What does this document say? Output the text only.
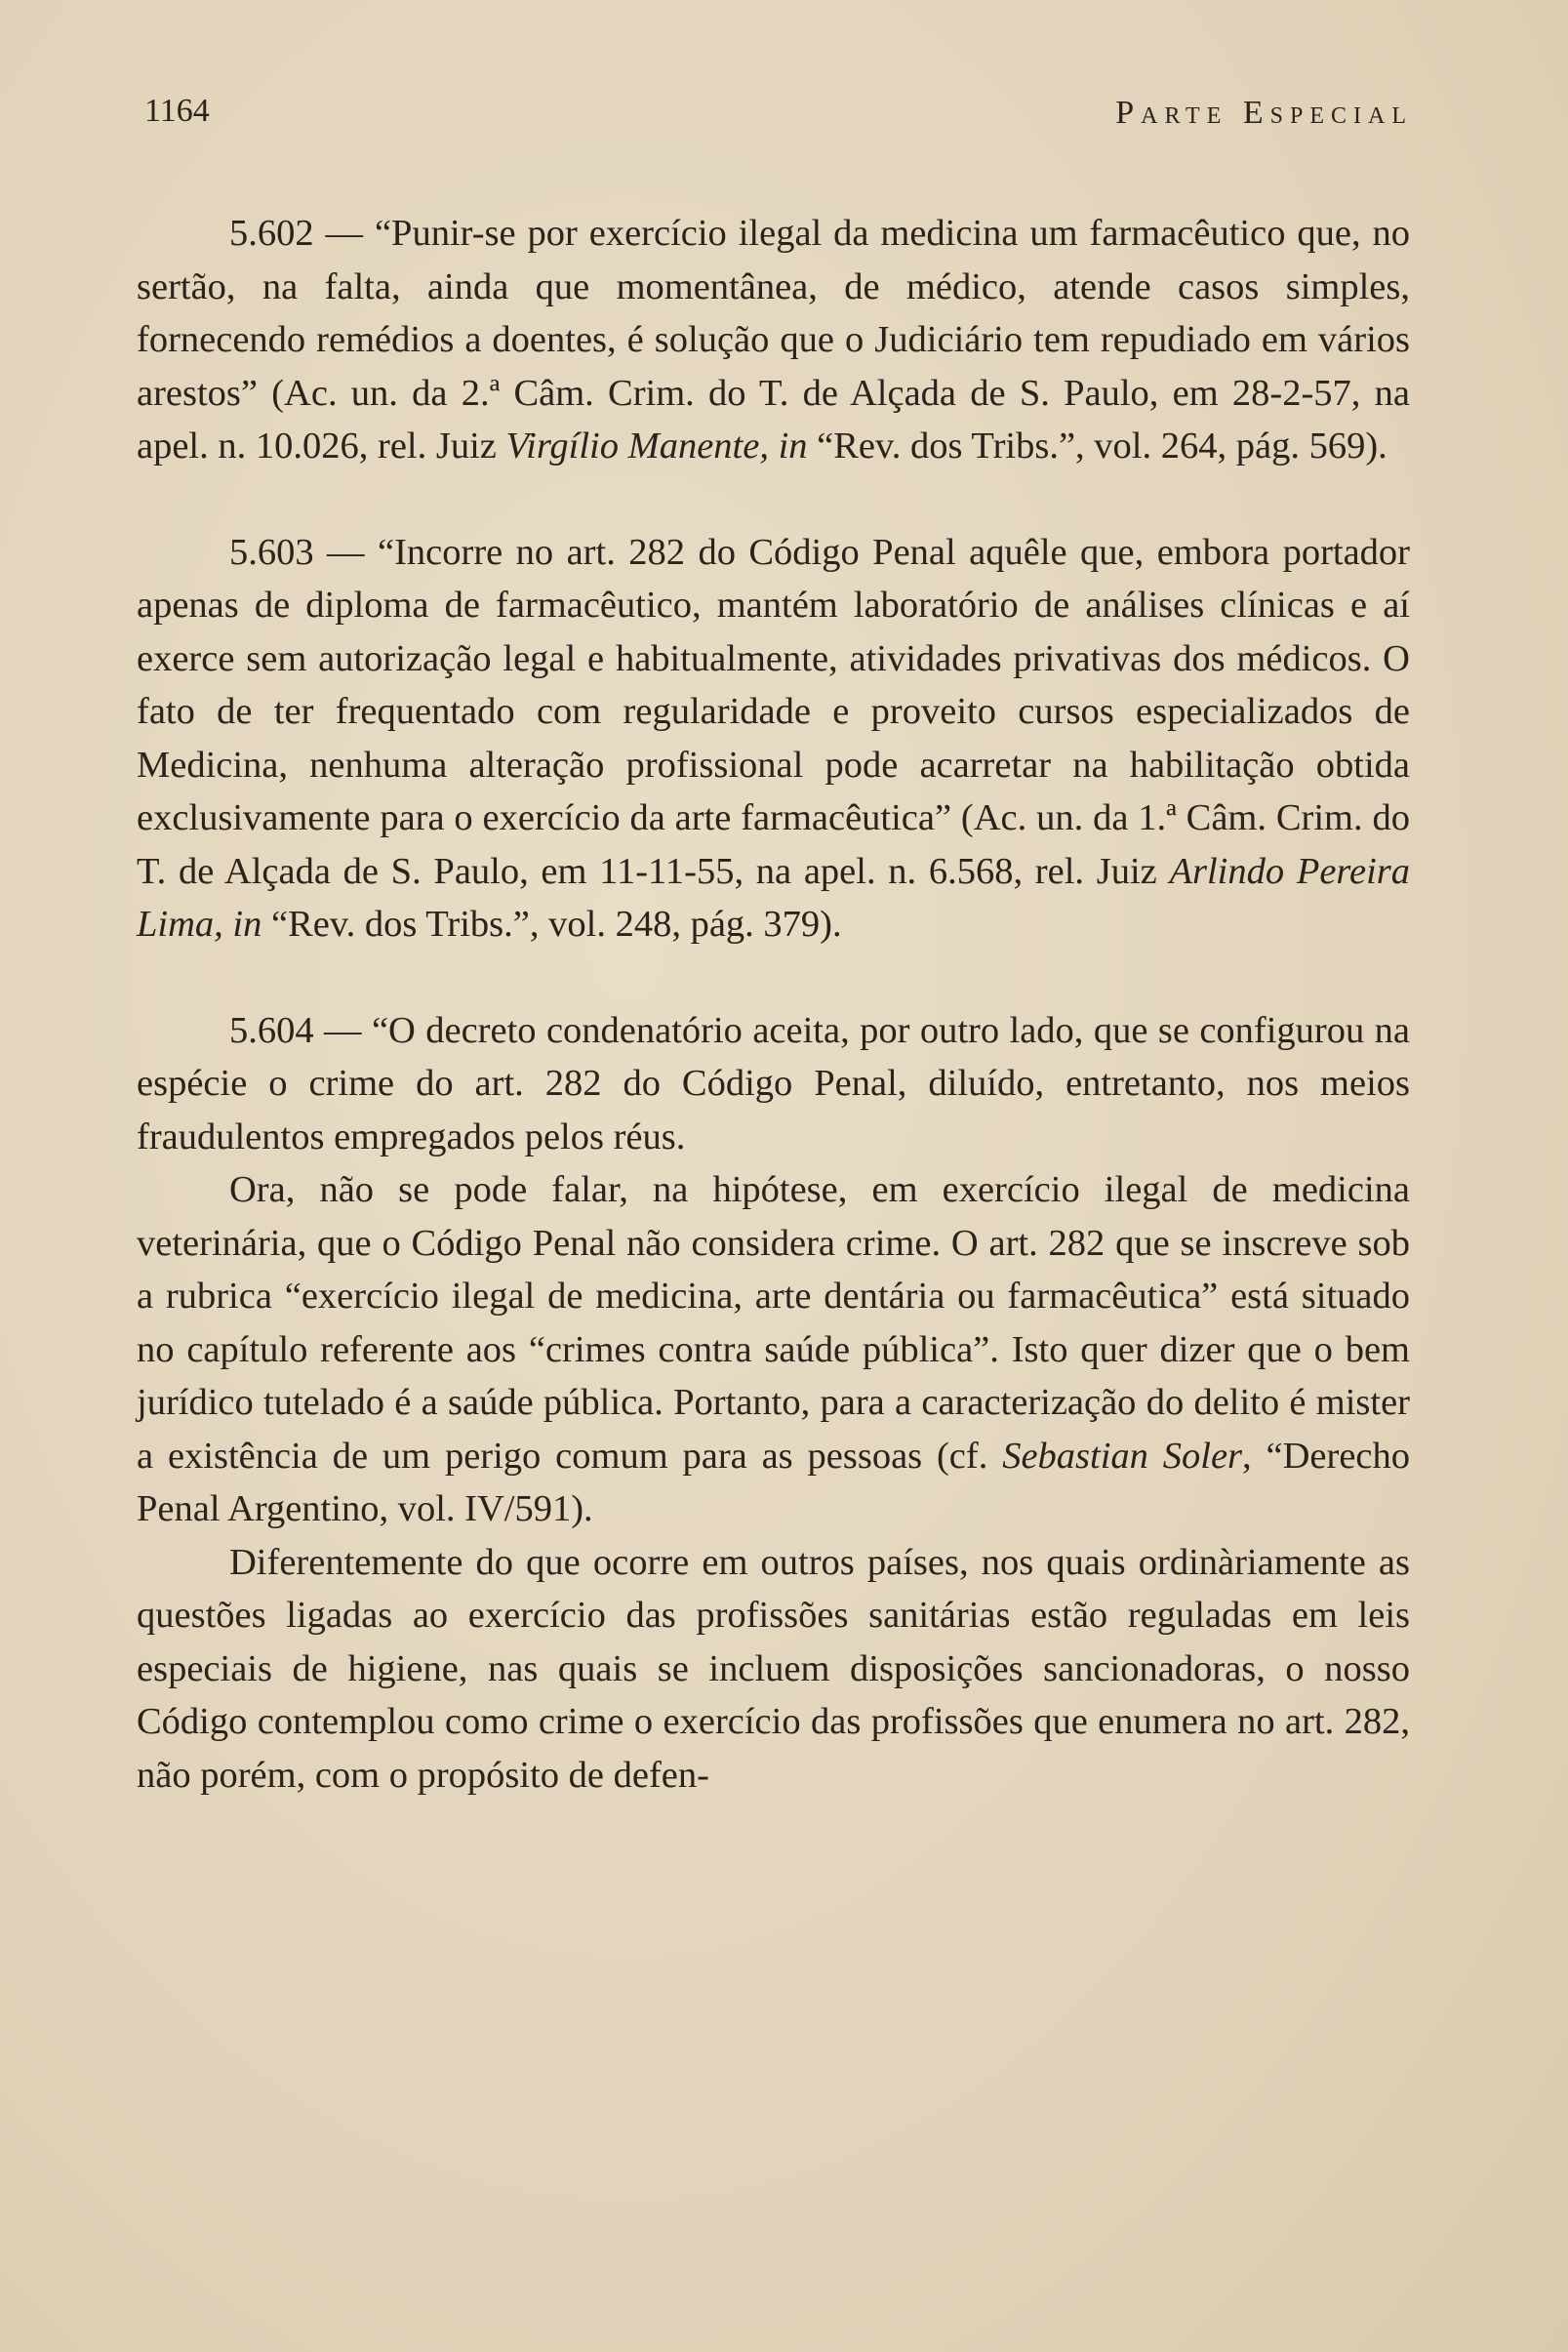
1164	Parte Especial

5.602 — “Punir-se por exercício ilegal da medicina um farmacêutico que, no sertão, na falta, ainda que momentânea, de médico, atende casos simples, fornecendo remédios a doentes, é solução que o Judiciário tem repudiado em vários arestos” (Ac. un. da 2.ª Câm. Crim. do T. de Alçada de S. Paulo, em 28-2-57, na apel. n. 10.026, rel. Juiz Virgílio Manente, in “Rev. dos Tribs.”, vol. 264, pág. 569).

5.603 — “Incorre no art. 282 do Código Penal aquêle que, embora portador apenas de diploma de farmacêutico, mantém laboratório de análises clínicas e aí exerce sem autorização legal e habitualmente, atividades privativas dos médicos. O fato de ter frequentado com regularidade e proveito cursos especializados de Medicina, nenhuma alteração profissional pode acarretar na habilitação obtida exclusivamente para o exercício da arte farmacêutica” (Ac. un. da 1.ª Câm. Crim. do T. de Alçada de S. Paulo, em 11-11-55, na apel. n. 6.568, rel. Juiz Arlindo Pereira Lima, in “Rev. dos Tribs.”, vol. 248, pág. 379).

5.604 — “O decreto condenatório aceita, por outro lado, que se configurou na espécie o crime do art. 282 do Código Penal, diluído, entretanto, nos meios fraudulentos empregados pelos réus.

Ora, não se pode falar, na hipótese, em exercício ilegal de medicina veterinária, que o Código Penal não considera crime. O art. 282 que se inscreve sob a rubrica “exercício ilegal de medicina, arte dentária ou farmacêutica” está situado no capítulo referente aos “crimes contra saúde pública”. Isto quer dizer que o bem jurídico tutelado é a saúde pública. Portanto, para a caracterização do delito é mister a existência de um perigo comum para as pessoas (cf. Sebastian Soler, “Derecho Penal Argentino, vol. IV/591).

Diferentemente do que ocorre em outros países, nos quais ordinàriamente as questões ligadas ao exercício das profissões sanitárias estão reguladas em leis especiais de higiene, nas quais se incluem disposições sancionadoras, o nosso Código contemplou como crime o exercício das profissões que enumera no art. 282, não porém, com o propósito de defen-
